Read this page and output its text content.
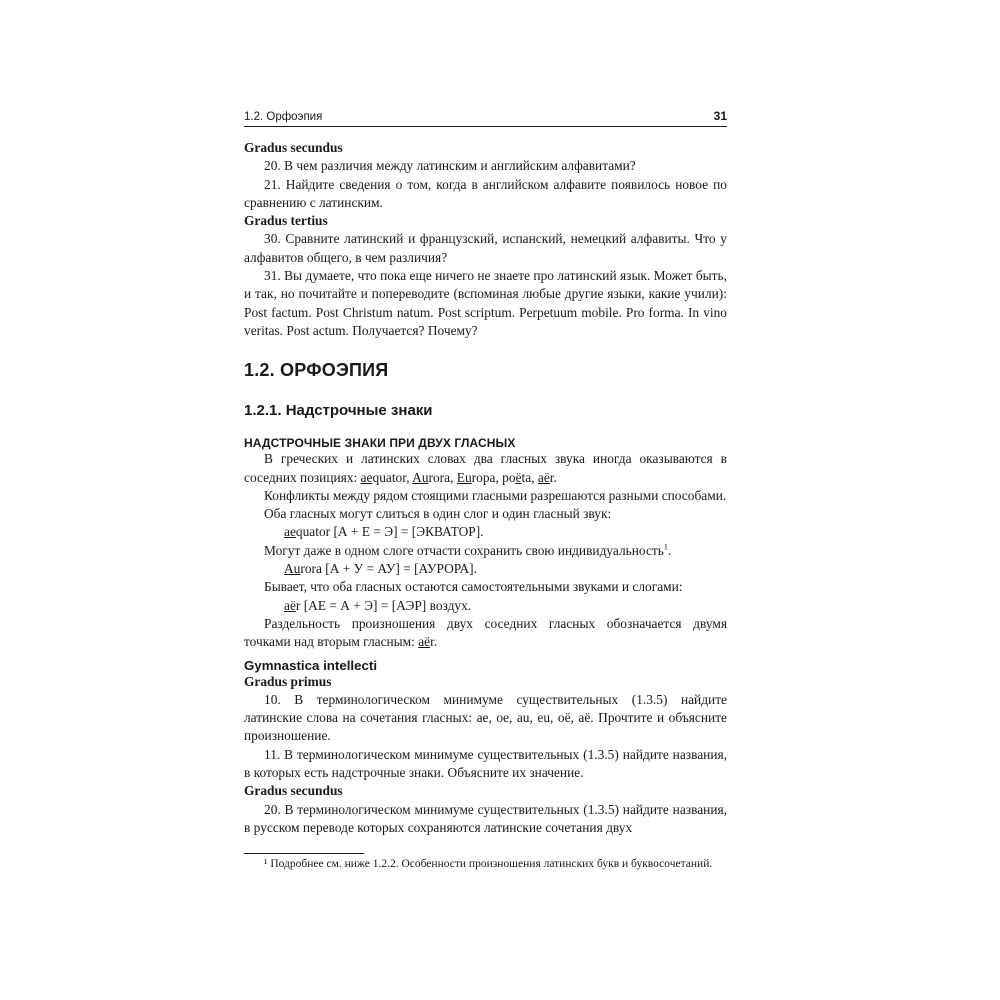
1.2. Орфоэпия	31

Gradus secundus

20. В чем различия между латинским и английским алфавитами?

21. Найдите сведения о том, когда в английском алфавите появилось новое по сравнению с латинским.

Gradus tertius

30. Сравните латинский и французский, испанский, немецкий алфавиты. Что у алфавитов общего, в чем различия?

31. Вы думаете, что пока еще ничего не знаете про латинский язык. Может быть, и так, но почитайте и попереводите (вспоминая любые другие языки, какие учили): Post factum. Post Christum natum. Post scriptum. Perpetuum mobile. Pro forma. In vino veritas. Post actum. Получается? Почему?

1.2. ОРФОЭПИЯ
1.2.1. Надстрочные знаки
НАДСТРОЧНЫЕ ЗНАКИ ПРИ ДВУХ ГЛАСНЫХ

В греческих и латинских словах два гласных звука иногда оказываются в соседних позициях: aequator, Aurora, Europa, poëta, aër.

Конфликты между рядом стоящими гласными разрешаются разными способами.

Оба гласных могут слиться в один слог и один гласный звук:

aequator [А + Е = Э] = [ЭКВАТОР].

Могут даже в одном слоге отчасти сохранить свою индивидуальность$^1$.

Aurora [А + У = АУ] = [АУРОРА].

Бывает, что оба гласных остаются самостоятельными звуками и слогами:

aër [АЕ = А + Э] = [АЭР] воздух.

Раздельность произношения двух соседних гласных обозначается двумя точками над вторым гласным: aër.

Gymnastica intellecti

Gradus primus

10. В терминологическом минимуме существительных (1.3.5) найдите латинские слова на сочетания гласных: ae, oe, au, eu, oё, aё. Прочтите и объясните произношение.

11. В терминологическом минимуме существительных (1.3.5) найдите названия, в которых есть надстрочные знаки. Объясните их значение.

Gradus secundus

20. В терминологическом минимуме существительных (1.3.5) найдите названия, в русском переводе которых сохраняются латинские сочетания двух

¹ Подробнее см. ниже 1.2.2. Особенности произношения латинских букв и буквосочетаний.
